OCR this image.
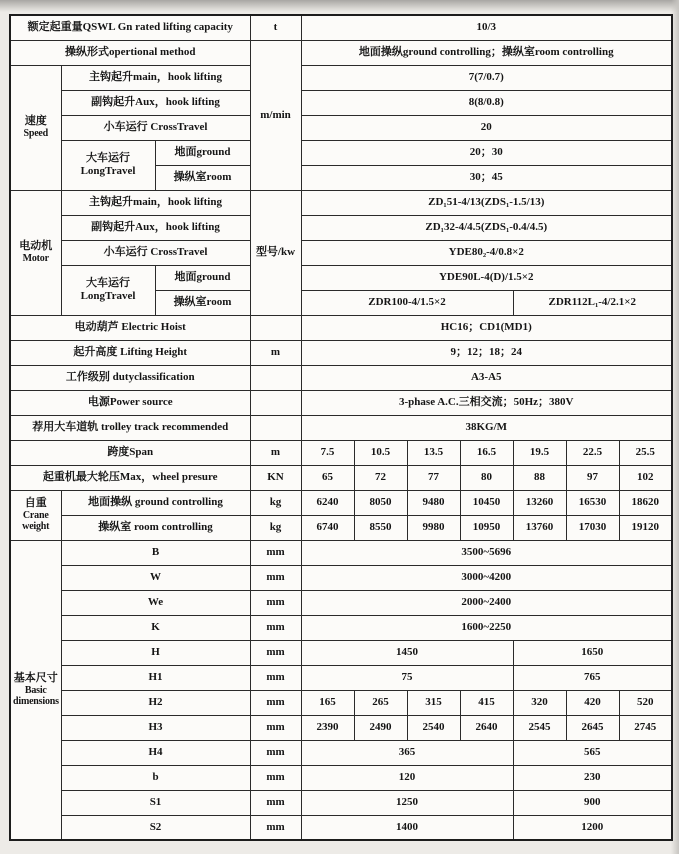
额定起重量QSWL Gn rated lifting capacity			t	10/3						
操纵形式opertional method			m/min	地面操纵ground controlling；操纵室room controlling						

速度
Speed	主钩起升main，hook lifting			7(7/0.7)						
	副钩起升Aux，hook lifting			8(8/0.8)						
	小车运行 CrossTravel			20						

	大车运行
LongTravel	地面ground		20；30						
		操纵室room		30；45						

电动机
Motor	主钩起升main，hook lifting		型号/kw	ZD₁51-4/13(ZDS₁-1.5/13)						
	副钩起升Aux，hook lifting			ZD₁32-4/4.5(ZDS₁-0.4/4.5)						
	小车运行 CrossTravel			YDE80₂-4/0.8×2						

	大车运行
LongTravel	地面ground		YDE90L-4(D)/1.5×2						
		操纵室room		ZDR100-4/1.5×2				ZDR112L₁-4/2.1×2		
电动葫芦 Electric Hoist				HC16；CD1(MD1)						
起升高度 Lifting Height			m	9；12；18；24						
工作级别 dutyclassification				A3-A5						
电源Power source				3-phase A.C.三相交流；50Hz；380V						
荐用大车道轨 trolley track recommended				38KG/M						
跨度Span			m	7.5	10.5	13.5	16.5	19.5	22.5	25.5
起重机最大轮压Max，wheel presure			KN	65	72	77	80	88	97	102

自重
Crane
weight	地面操纵 ground controlling		kg	6240	8050	9480	10450	13260	16530	18620
	操纵室 room controlling		kg	6740	8550	9980	10950	13760	17030	19120

基本尺寸
Basic
dimensions	B		mm	3500~5696						
	W		mm	3000~4200						
	We		mm	2000~2400						
	K		mm	1600~2250						
	H		mm	1450				1650		
	H1		mm	75				765		
	H2		mm	165	265	315	415	320	420	520
	H3		mm	2390	2490	2540	2640	2545	2645	2745
	H4		mm	365				565		
	b		mm	120				230		
	S1		mm	1250				900		
	S2		mm	1400				1200		
